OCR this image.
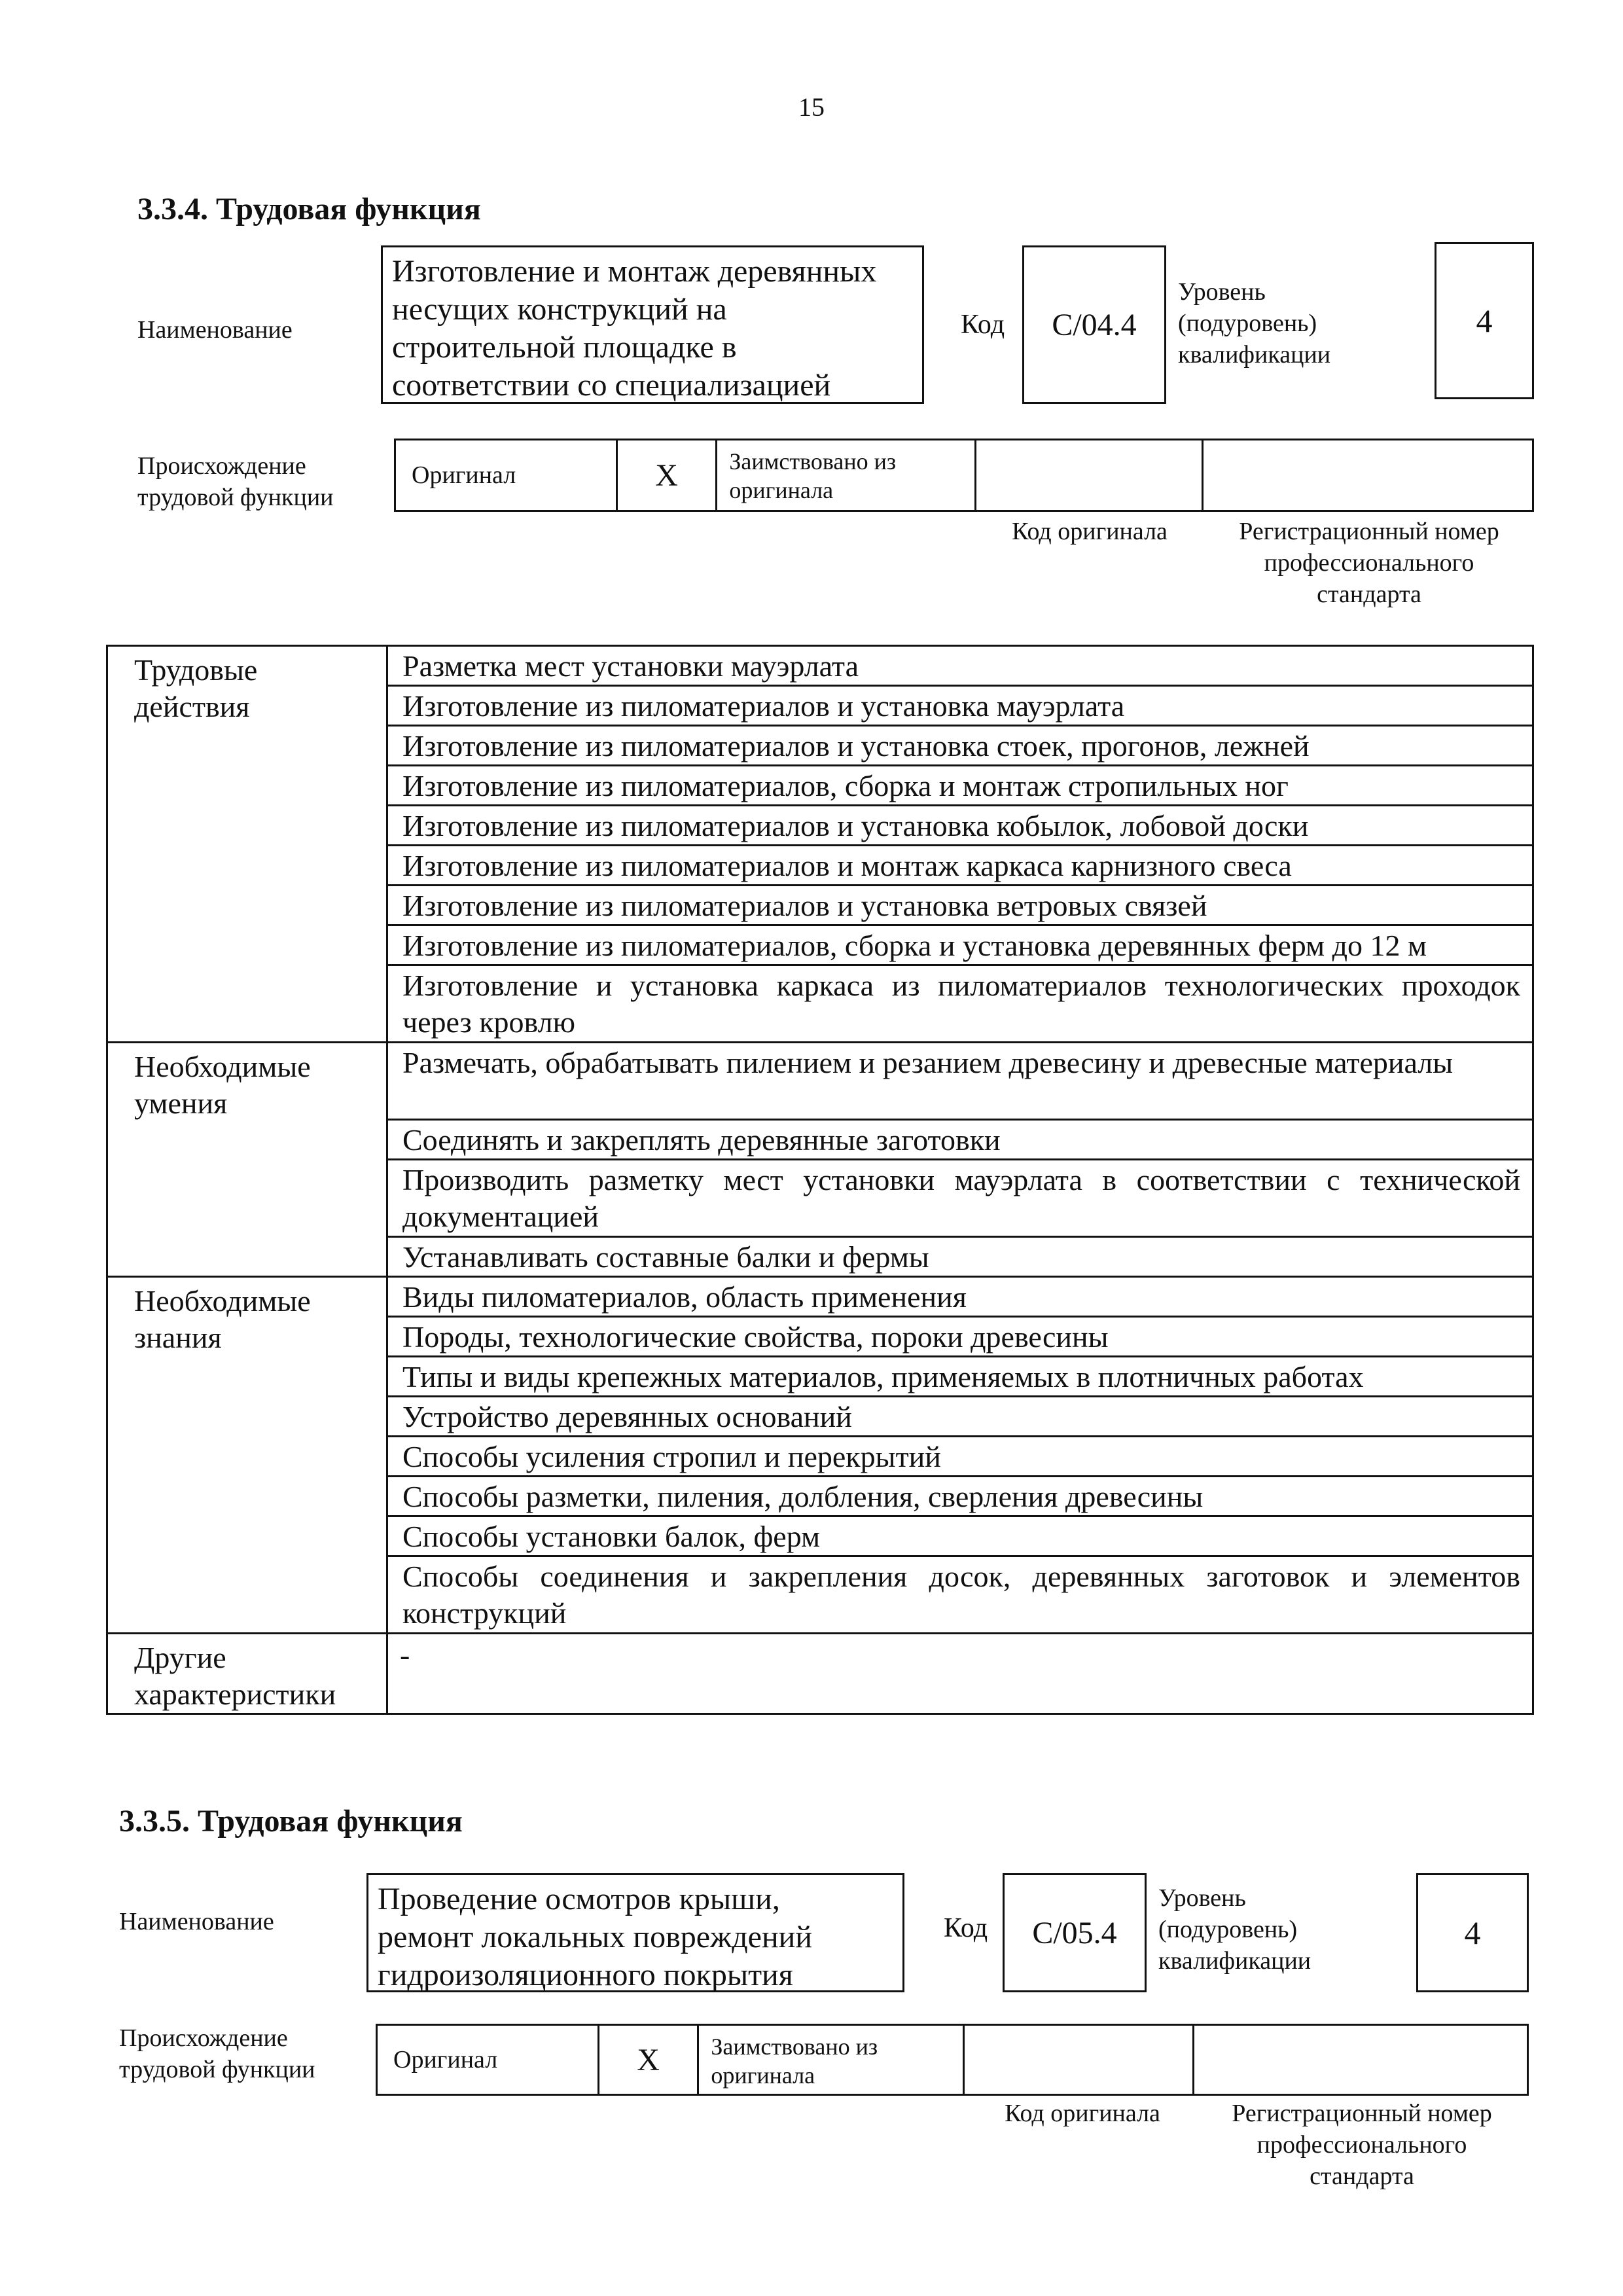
15
3.3.4. Трудовая функция
Наименование
Изготовление и монтаж деревянных
несущих конструкций на
строительной площадке в
соответствии со специализацией
Код	С/04.4
Уровень
(подуровень)
квалификации
4
Происхождение
трудовой функции
Оригинал	X	Заимствовано из
оригинала
Код оригинала	Регистрационный номер
профессионального
стандарта
Трудовые
действия	Разметка мест установки мауэрлата
	Изготовление из пиломатериалов и установка мауэрлата
	Изготовление из пиломатериалов и установка стоек, прогонов, лежней
	Изготовление из пиломатериалов, сборка и монтаж стропильных ног
	Изготовление из пиломатериалов и установка кобылок, лобовой доски
	Изготовление из пиломатериалов и монтаж каркаса карнизного свеса
	Изготовление из пиломатериалов и установка ветровых связей
	Изготовление из пиломатериалов, сборка и установка деревянных ферм до 12 м
	Изготовление и установка каркаса из пиломатериалов технологических проходок через кровлю

Необходимые
умения	Размечать, обрабатывать пилением и резанием древесину и древесные материалы
	Соединять и закреплять деревянные заготовки
	Производить разметку мест установки мауэрлата в соответствии с технической документацией
	Устанавливать составные балки и фермы

Необходимые
знания	Виды пиломатериалов, область применения
	Породы, технологические свойства, пороки древесины
	Типы и виды крепежных материалов, применяемых в плотничных работах
	Устройство деревянных оснований
	Способы усиления стропил и перекрытий
	Способы разметки, пиления, долбления, сверления древесины
	Способы установки балок, ферм
	Способы соединения и закрепления досок, деревянных заготовок и элементов конструкций

Другие
характеристики	-
3.3.5. Трудовая функция
Наименование
Проведение осмотров крыши,
ремонт локальных повреждений
гидроизоляционного покрытия
Код	С/05.4
Уровень
(подуровень)
квалификации
4
Происхождение
трудовой функции	Оригинал	X	Заимствовано из
оригинала
Код оригинала	Регистрационный номер
профессионального
стандарта
